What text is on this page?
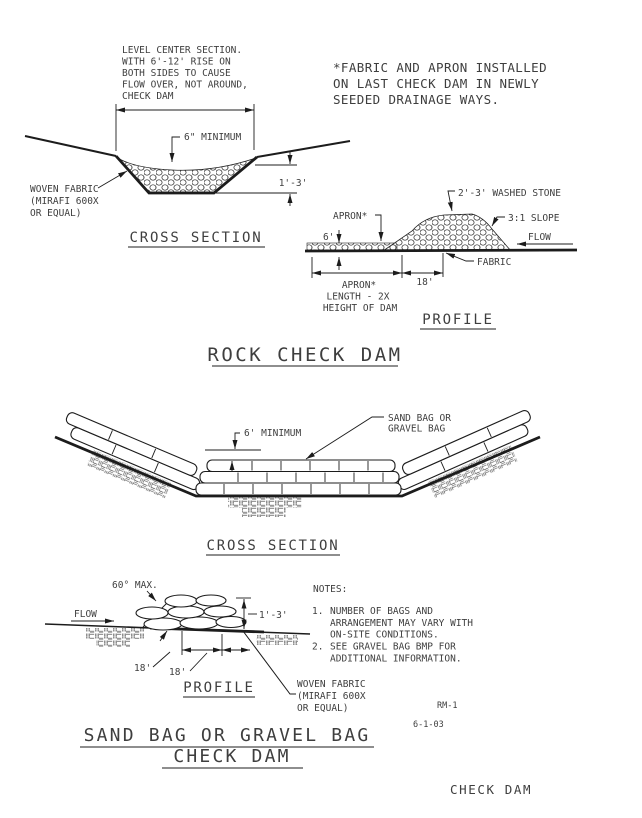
LEVEL CENTER SECTION.
WITH 6'-12' RISE ON
BOTH SIDES TO CAUSE
FLOW OVER, NOT AROUND,
CHECK DAM
6" MINIMUM
1'-3'
WOVEN FABRIC
(MIRAFI 600X
OR EQUAL)
CROSS SECTION
*FABRIC AND APRON INSTALLED
ON LAST CHECK DAM IN NEWLY
SEEDED DRAINAGE WAYS.
2'-3' WASHED STONE
3:1 SLOPE
FLOW
APRON*
6'
FABRIC
18'
APRON*
LENGTH - 2X
HEIGHT OF DAM
PROFILE
ROCK CHECK DAM
6' MINIMUM
SAND BAG OR
GRAVEL BAG
CROSS SECTION
60° MAX.
FLOW	1'-3'
18' 18'
WOVEN FABRIC
(MIRAFI 600X
OR EQUAL)
PROFILE
NOTES:
1. NUMBER OF BAGS AND
ARRANGEMENT MAY VARY WITH
ON-SITE CONDITIONS.
2. SEE GRAVEL BAG BMP FOR
ADDITIONAL INFORMATION.
SAND BAG OR GRAVEL BAG
CHECK DAM
RM-1
6-1-03
CHECK DAM
